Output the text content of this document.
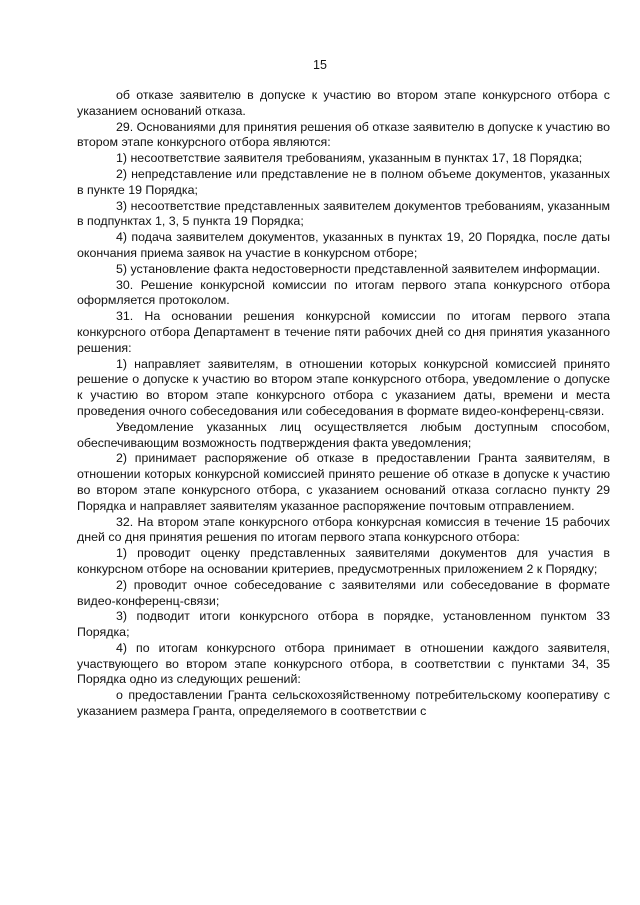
15

об отказе заявителю в допуске к участию во втором этапе конкурсного отбора с указанием оснований отказа.

29. Основаниями для принятия решения об отказе заявителю в допуске к участию во втором этапе конкурсного отбора являются:

1) несоответствие заявителя требованиям, указанным в пунктах 17, 18 Порядка;

2) непредставление или представление не в полном объеме документов, указанных в пункте 19 Порядка;

3) несоответствие представленных заявителем документов требованиям, указанным в подпунктах 1, 3, 5 пункта 19 Порядка;

4) подача заявителем документов, указанных в пунктах 19, 20 Порядка, после даты окончания приема заявок на участие в конкурсном отборе;

5) установление факта недостоверности представленной заявителем информации.

30. Решение конкурсной комиссии по итогам первого этапа конкурсного отбора оформляется протоколом.

31. На основании решения конкурсной комиссии по итогам первого этапа конкурсного отбора Департамент в течение пяти рабочих дней со дня принятия указанного решения:

1) направляет заявителям, в отношении которых конкурсной комиссией принято решение о допуске к участию во втором этапе конкурсного отбора, уведомление о допуске к участию во втором этапе конкурсного отбора с указанием даты, времени и места проведения очного собеседования или собеседования в формате видео-конференц-связи.

Уведомление указанных лиц осуществляется любым доступным способом, обеспечивающим возможность подтверждения факта уведомления;

2) принимает распоряжение об отказе в предоставлении Гранта заявителям, в отношении которых конкурсной комиссией принято решение об отказе в допуске к участию во втором этапе конкурсного отбора, с указанием оснований отказа согласно пункту 29 Порядка и направляет заявителям указанное распоряжение почтовым отправлением.

32. На втором этапе конкурсного отбора конкурсная комиссия в течение 15 рабочих дней со дня принятия решения по итогам первого этапа конкурсного отбора:

1) проводит оценку представленных заявителями документов для участия в конкурсном отборе на основании критериев, предусмотренных приложением 2 к Порядку;

2) проводит очное собеседование с заявителями или собеседование в формате видео-конференц-связи;

3) подводит итоги конкурсного отбора в порядке, установленном пунктом 33 Порядка;

4) по итогам конкурсного отбора принимает в отношении каждого заявителя, участвующего во втором этапе конкурсного отбора, в соответствии с пунктами 34, 35 Порядка одно из следующих решений:

о предоставлении Гранта сельскохозяйственному потребительскому кооперативу с указанием размера Гранта, определяемого в соответствии с
